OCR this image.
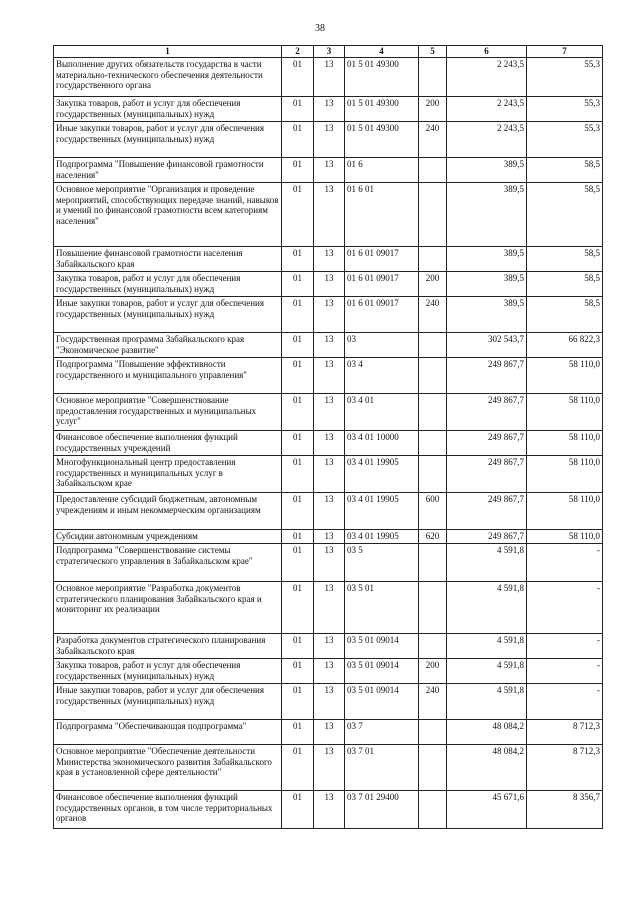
38
1	2	3	4	5	6	7
Выполнение других обязательств государства в части материально-технического обеспечения деятельности государственного органа	01	13	01 5 01 49300		2 243,5	55,3
Закупка товаров, работ и услуг для обеспечения государственных (муниципальных) нужд	01	13	01 5 01 49300	200	2 243,5	55,3
Иные закупки товаров, работ и услуг для обеспечения государственных (муниципальных) нужд	01	13	01 5 01 49300	240	2 243,5	55,3
Подпрограмма "Повышение финансовой грамотности населения"	01	13	01 6		389,5	58,5
Основное мероприятие "Организация и проведение мероприятий, способствующих передаче знаний, навыков и умений по финансовой грамотности всем категориям населения"	01	13	01 6 01		389,5	58,5
Повышение финансовой грамотности населения Забайкальского края	01	13	01 6 01 09017		389,5	58,5
Закупка товаров, работ и услуг для обеспечения государственных (муниципальных) нужд	01	13	01 6 01 09017	200	389,5	58,5
Иные закупки товаров, работ и услуг для обеспечения государственных (муниципальных) нужд	01	13	01 6 01 09017	240	389,5	58,5
Государственная программа Забайкальского края "Экономическое развитие"	01	13	03		302 543,7	66 822,3
Подпрограмма "Повышение эффективности государственного и муниципального управления"	01	13	03 4		249 867,7	58 110,0
Основное мероприятие "Совершенствование предоставления государственных и муниципальных услуг"	01	13	03 4 01		249 867,7	58 110,0
Финансовое обеспечение выполнения функций государственных учреждений	01	13	03 4 01 10000		249 867,7	58 110,0
Многофункциональный центр предоставления государственных и муниципальных услуг в Забайкальском крае	01	13	03 4 01 19905		249 867,7	58 110,0
Предоставление субсидий бюджетным, автономным учреждениям и иным некоммерческим организациям	01	13	03 4 01 19905	600	249 867,7	58 110,0
Субсидии автономным учреждениям	01	13	03 4 01 19905	620	249 867,7	58 110,0
Подпрограмма "Совершенствование системы стратегического управления в Забайкальском крае"	01	13	03 5		4 591,8	-
Основное мероприятие "Разработка документов стратегического планирования Забайкальского края и мониторинг их реализации	01	13	03 5 01		4 591,8	-
Разработка документов стратегического планирования Забайкальского края	01	13	03 5 01 09014		4 591,8	-
Закупка товаров, работ и услуг для обеспечения государственных (муниципальных) нужд	01	13	03 5 01 09014	200	4 591,8	-
Иные закупки товаров, работ и услуг для обеспечения государственных (муниципальных) нужд	01	13	03 5 01 09014	240	4 591,8	-
Подпрограмма "Обеспечивающая подпрограмма"	01	13	03 7		48 084,2	8 712,3
Основное мероприятие "Обеспечение деятельности Министерства экономического развития Забайкальского края в установленной сфере деятельности"	01	13	03 7 01		48 084,2	8 712,3
Финансовое обеспечение выполнения функций государственных органов, в том числе территориальных органов	01	13	03 7 01 29400		45 671,6	8 356,7
